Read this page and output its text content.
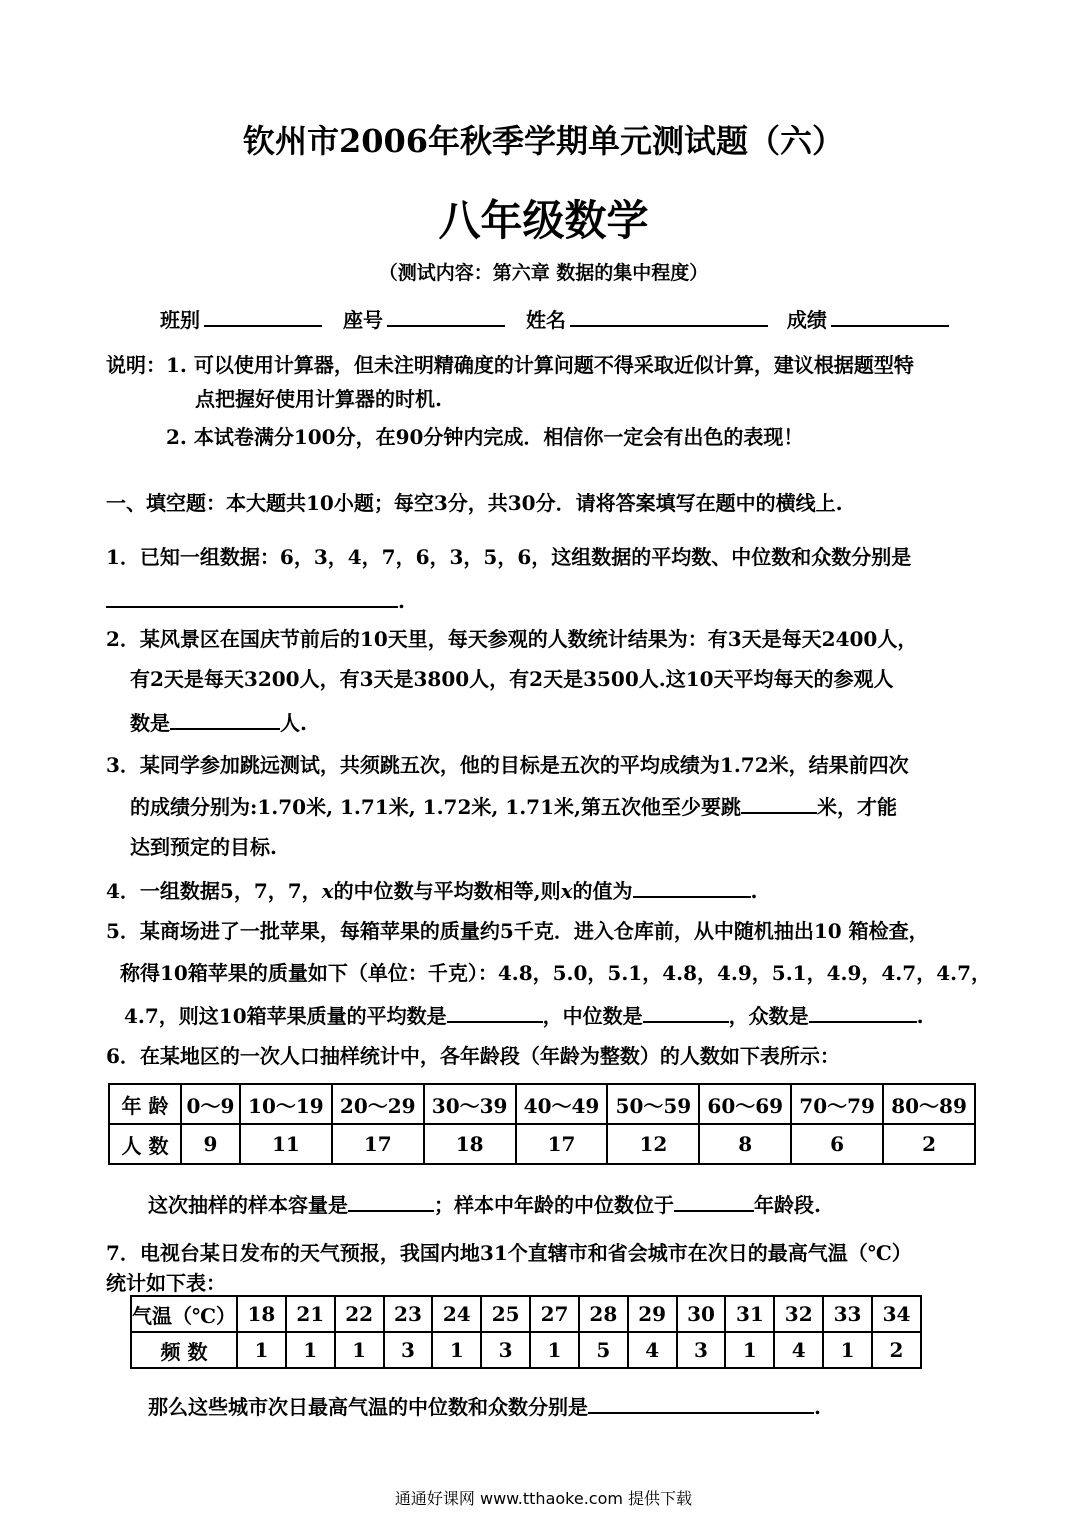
钦州市2006年秋季学期单元测试题（六）
八年级数学
（测试内容：第六章 数据的集中程度）
班别	座号	姓名	成绩
说明：1. 可以使用计算器，但未注明精确度的计算问题不得采取近似计算，建议根据题型特
点把握好使用计算器的时机.
2. 本试卷满分100分，在90分钟内完成．相信你一定会有出色的表现！
一、填空题：本大题共10小题；每空3分，共30分．请将答案填写在题中的横线上.
1．已知一组数据：6，3，4，7，6，3，5，6，这组数据的平均数、中位数和众数分别是
.
2．某风景区在国庆节前后的10天里，每天参观的人数统计结果为：有3天是每天2400人，
有2天是每天3200人，有3天是3800人，有2天是3500人.这10天平均每天的参观人
数是	人.
3．某同学参加跳远测试，共须跳五次，他的目标是五次的平均成绩为1.72米，结果前四次
的成绩分别为:1.70米, 1.71米, 1.72米, 1.71米,第五次他至少要跳	米，才能
达到预定的目标.
4．一组数据5，7，7，x的中位数与平均数相等,则x的值为	.
5．某商场进了一批苹果，每箱苹果的质量约5千克．进入仓库前，从中随机抽出10 箱检查，
称得10箱苹果的质量如下（单位：千克）：4.8，5.0，5.1，4.8，4.9，5.1，4.9，4.7，4.7，
4.7，则这10箱苹果质量的平均数是	，中位数是	，众数是	.
6．在某地区的一次人口抽样统计中，各年龄段（年龄为整数）的人数如下表所示：
年 龄	0～9	10～19	20～29	30～39	40～49	50～59	60～69	70～79	80～89
人 数	9	11	17	18	17	12	8	6	2
这次抽样的样本容量是	；样本中年龄的中位数位于	年龄段.
7．电视台某日发布的天气预报，我国内地31个直辖市和省会城市在次日的最高气温（℃）
统计如下表：
气温（℃）	18	21	22	23	24	25	27	28	29	30	31	32	33	34
频 数	1	1	1	3	1	3	1	5	4	3	1	4	1	2
那么这些城市次日最高气温的中位数和众数分别是	.
通通好课网 www.tthaoke.com 提供下载
